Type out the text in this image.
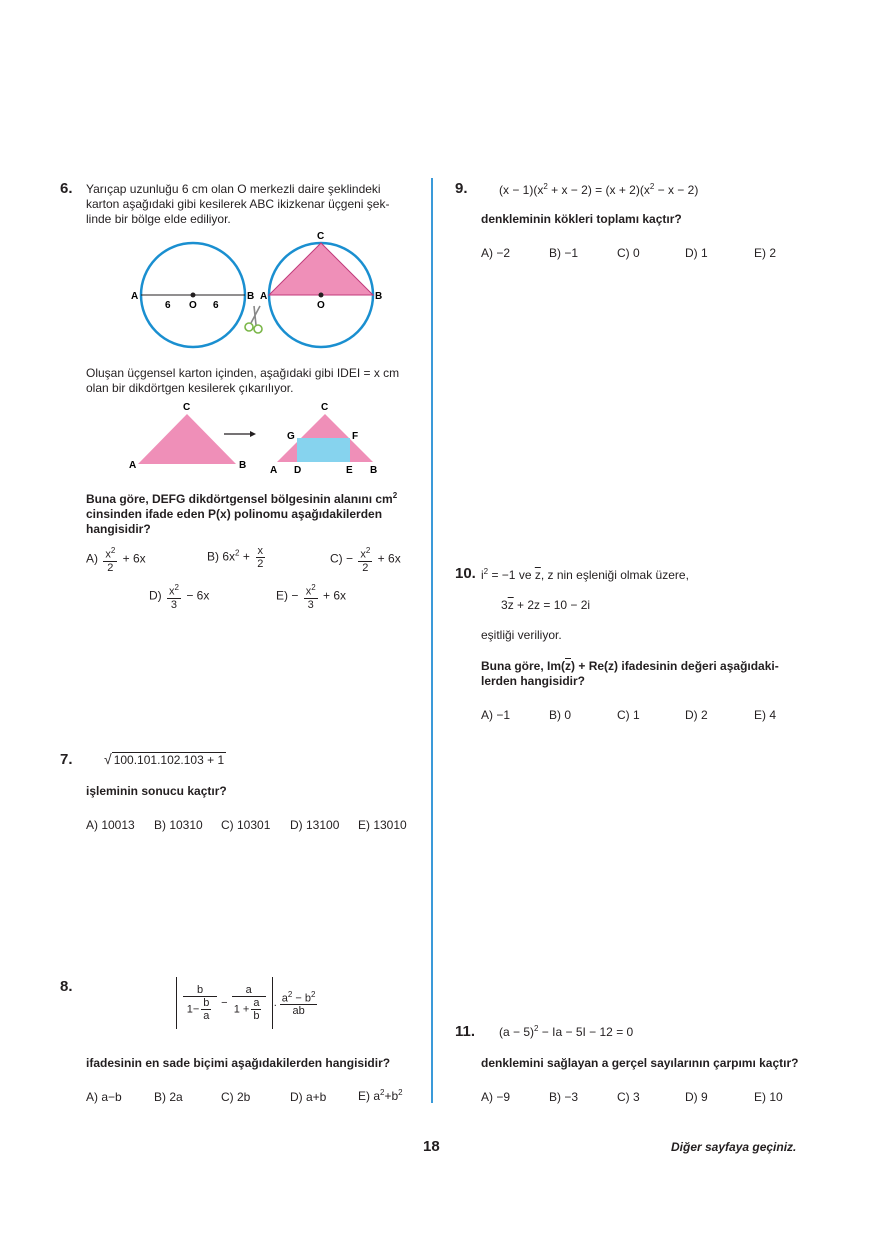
6. Yarıçap uzunluğu 6 cm olan O merkezli daire şeklindeki
karton aşağıdaki gibi kesilerek ABC ikizkenar üçgeni şek-
linde bir bölge elde ediliyor.
A	B
O
6	6
C
A	B
O
Oluşan üçgensel karton içinden, aşağıdaki gibi IDEI = x cm
olan bir dikdörtgen kesilerek çıkarılıyor.
C
A	B
C
G	F
A D	E B
Buna göre, DEFG dikdörtgensel bölgesinin alanını $cm^2$
cinsinden ifade eden P(x) polinomu aşağıdakilerden
hangisidir?
$A) \frac{x^2}{2} + 6x$	B) $6x^2 + \frac{x}{2}$	$C) - \frac{x^2}{2} + 6x$
$D) \frac{x^2}{3} - 6x$	$E) - \frac{x^2}{3} + 6x$
7. √ 100.101.102.103 + 1
işleminin sonucu kaçtır?
A) 10013 B) 10310 C) 10301 D) 13100 E) 13010
8.	$\frac{b}{1- \frac{b}{a}} - \frac{a}{1 + \frac{a}{b}}$ . $\frac{a^2 - b^2}{ab}$
ifadesinin en sade biçimi aşağıdakilerden hangisidir?
A) a−b	B) 2a	C) 2b	D) a+b	E) $a^2+b^2$
9.	$(x - 1)(x^2 + x - 2) = (x + 2)(x^2 - x - 2)$
denkleminin kökleri toplamı kaçtır?
A) −2	B) −1	C) 0	D) 1	E) 2
10. $i^2 = -1$ ve $\overline{z}$, z nin eşleniği olmak üzere,
$3\overline{z} + 2z = 10 - 2i$
eşitliği veriliyor.
Buna göre, $Im(\overline{z}) + Re(z)$ ifadesinin değeri aşağıdaki-
lerden hangisidir?
A) −1	B) 0	C) 1	D) 2	E) 4
11. $(a - 5)^2 - Ia - 5I - 12 = 0$
denklemini sağlayan a gerçel sayılarının çarpımı kaçtır?
A) −9	B) −3	C) 3	D) 9	E) 10
18	Diğer sayfaya geçiniz.
